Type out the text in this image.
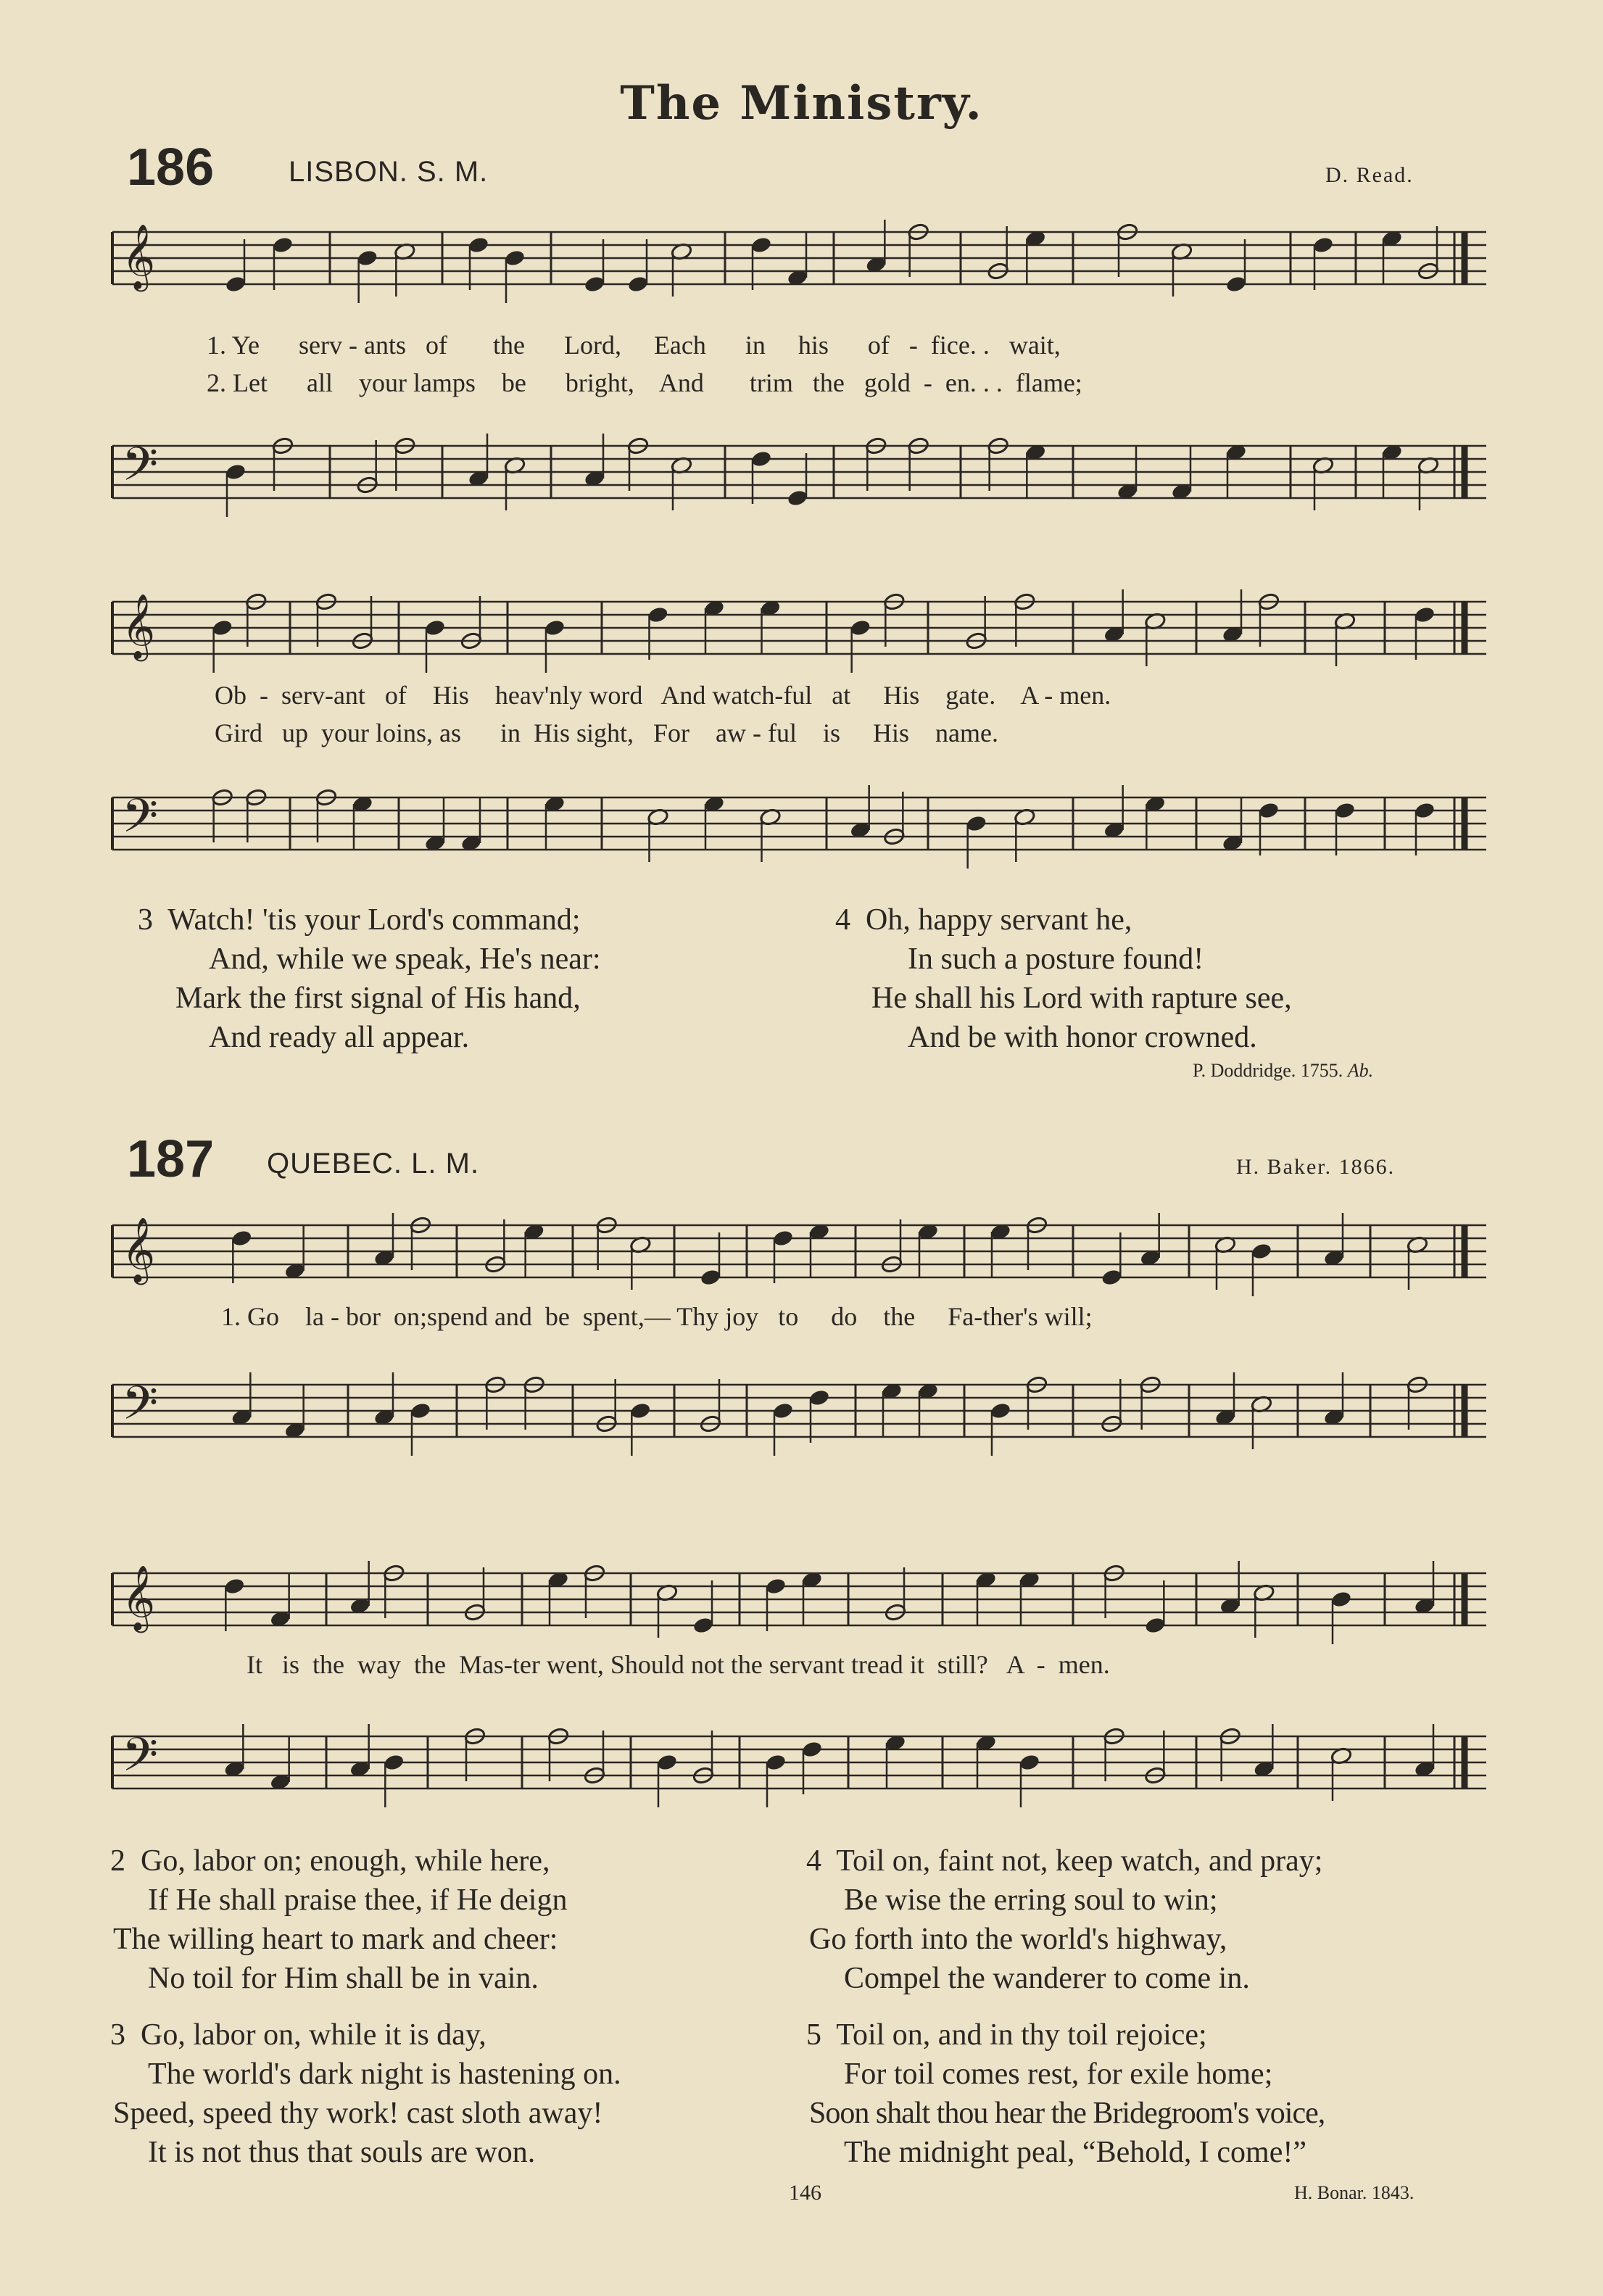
The Ministry.
186	LISBON. S. M.	D. Read.
𝄞
1. Ye      serv - ants   of       the      Lord,     Each      in     his      of   -  fice. .   wait,
2. Let      all    your lamps    be      bright,    And       trim   the   gold  -  en. . .  flame;
𝄢
𝄞
Ob  -  serv-ant   of    His    heav'nly word   And watch-ful   at     His    gate.    A - men.
Gird   up  your loins, as      in  His sight,   For    aw - ful    is     His    name.
𝄢
3  Watch! 'tis your Lord's command;
And, while we speak, He's near:
Mark the first signal of His hand,
And ready all appear.
4  Oh, happy servant he,
In such a posture found!
He shall his Lord with rapture see,
And be with honor crowned.
P. Doddridge. 1755. Ab.
187 QUEBEC. L. M.	H. Baker. 1866.
𝄞
1. Go    la - bor  on;spend and  be  spent,— Thy joy   to     do    the     Fa-ther's will;
𝄢
𝄞
It   is  the  way  the  Mas-ter went, Should not the servant tread it  still?   A  -  men.
𝄢
2  Go, labor on; enough, while here,
If He shall praise thee, if He deign
The willing heart to mark and cheer:
No toil for Him shall be in vain.
3  Go, labor on, while it is day,
The world's dark night is hastening on.
Speed, speed thy work! cast sloth away!
It is not thus that souls are won.
4  Toil on, faint not, keep watch, and pray;
Be wise the erring soul to win;
Go forth into the world's highway,
Compel the wanderer to come in.
5  Toil on, and in thy toil rejoice;
For toil comes rest, for exile home;
Soon shalt thou hear the Bridegroom's voice,
The midnight peal, “Behold, I come!”
146	H. Bonar. 1843.
